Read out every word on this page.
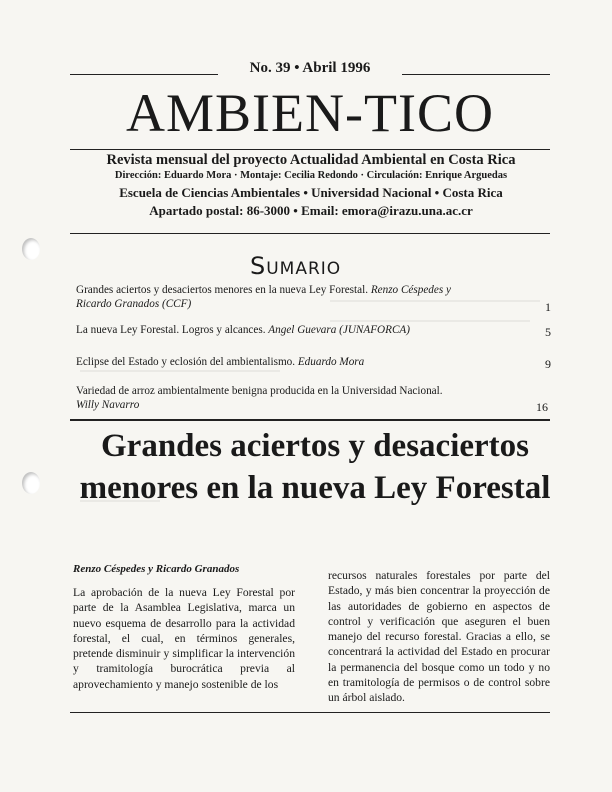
No. 39 • Abril 1996
AMBIEN-TICO
Revista mensual del proyecto Actualidad Ambiental en Costa Rica
Dirección: Eduardo Mora · Montaje: Cecilia Redondo · Circulación: Enrique Arguedas
Escuela de Ciencias Ambientales • Universidad Nacional • Costa Rica
Apartado postal: 86-3000 • Email: emora@irazu.una.ac.cr
Sumario
Grandes aciertos y desaciertos menores en la nueva Ley Forestal. Renzo Céspedes y Ricardo Granados (CCF)	1
La nueva Ley Forestal. Logros y alcances. Angel Guevara (JUNAFORCA)	5
Eclipse del Estado y eclosión del ambientalismo. Eduardo Mora	9
Variedad de arroz ambientalmente benigna producida en la Universidad Nacional.
Willy Navarro	16
Grandes aciertos y desaciertos menores en la nueva Ley Forestal
Renzo Céspedes y Ricardo Granados
La aprobación de la nueva Ley Forestal por parte de la Asamblea Legislativa, marca un nuevo esquema de desarrollo para la actividad forestal, el cual, en términos generales, pretende disminuir y simplificar la intervención y tramitología burocrática previa al aprovechamiento y manejo sostenible de los
recursos naturales forestales por parte del Estado, y más bien concentrar la proyección de las autoridades de gobierno en aspectos de control y verificación que aseguren el buen manejo del recurso forestal. Gracias a ello, se concentrará la actividad del Estado en procurar la permanencia del bosque como un todo y no en tramitología de permisos o de control sobre un árbol aislado.
